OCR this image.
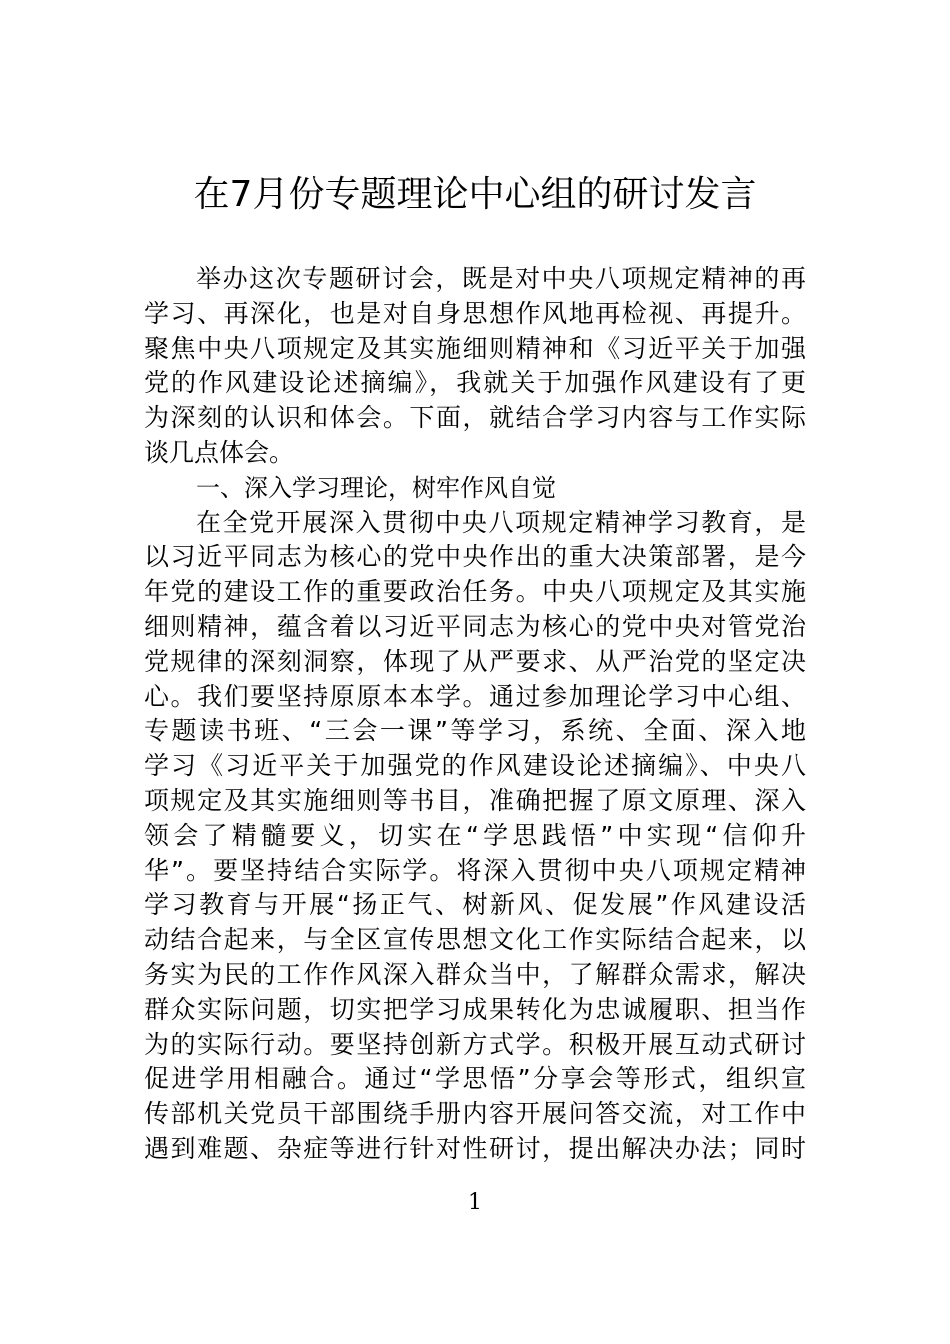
在7月份专题理论中心组的研讨发言
举办这次专题研讨会，既是对中央八项规定精神的再
学习、再深化，也是对自身思想作风地再检视、再提升。
聚焦中央八项规定及其实施细则精神和《习近平关于加强
党的作风建设论述摘编》，我就关于加强作风建设有了更
为深刻的认识和体会。下面，就结合学习内容与工作实际
谈几点体会。
一、深入学习理论，树牢作风自觉
在全党开展深入贯彻中央八项规定精神学习教育，是
以习近平同志为核心的党中央作出的重大决策部署，是今
年党的建设工作的重要政治任务。中央八项规定及其实施
细则精神，蕴含着以习近平同志为核心的党中央对管党治
党规律的深刻洞察，体现了从严要求、从严治党的坚定决
心。我们要坚持原原本本学。通过参加理论学习中心组、
专题读书班、“三会一课”等学习，系统、全面、深入地
学习《习近平关于加强党的作风建设论述摘编》、中央八
项规定及其实施细则等书目，准确把握了原文原理、深入
领会了精髓要义，切实在“学思践悟”中实现“信仰升
华”。要坚持结合实际学。将深入贯彻中央八项规定精神
学习教育与开展“扬正气、树新风、促发展”作风建设活
动结合起来，与全区宣传思想文化工作实际结合起来，以
务实为民的工作作风深入群众当中，了解群众需求，解决
群众实际问题，切实把学习成果转化为忠诚履职、担当作
为的实际行动。要坚持创新方式学。积极开展互动式研讨
促进学用相融合。通过“学思悟”分享会等形式，组织宣
传部机关党员干部围绕手册内容开展问答交流，对工作中
遇到难题、杂症等进行针对性研讨，提出解决办法；同时
1
